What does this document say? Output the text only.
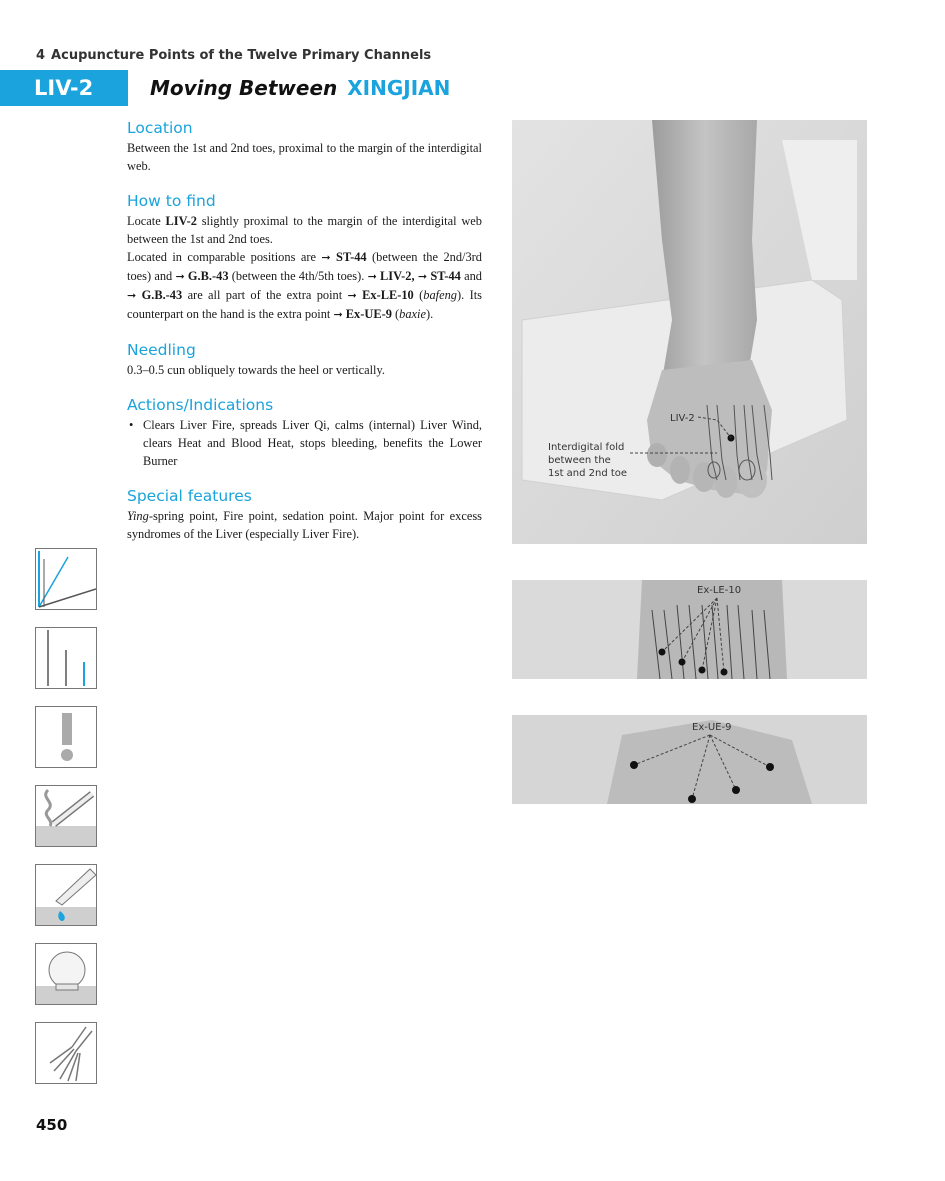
4 Acupuncture Points of the Twelve Primary Channels
LIV-2	Moving Between XINGJIAN
Location

Between the 1st and 2nd toes, proximal to the margin of the interdigital web.

How to find

Locate LIV-2 slightly proximal to the margin of the interdigital web between the 1st and 2nd toes.

Located in comparable positions are ➞ ST-44 (between the 2nd/3rd toes) and ➞ G.B.-43 (between the 4th/5th toes). ➞ LIV-2, ➞ ST-44 and ➞ G.B.-43 are all part of the extra point ➞ Ex-LE-10 (bafeng). Its counterpart on the hand is the extra point ➞ Ex-UE-9 (baxie).

Needling

0.3–0.5 cun obliquely towards the heel or vertically.

Actions/Indications
• Clears Liver Fire, spreads Liver Qi, calms (internal) Liver Wind, clears Heat and Blood Heat, stops bleeding, benefits the Lower Burner
Special features

Ying-spring point, Fire point, sedation point. Major point for excess syndromes of the Liver (especially Liver Fire).

LIV-2
Interdigital fold
between the
1st and 2nd toe
Ex-LE-10
Ex-UE-9
450
